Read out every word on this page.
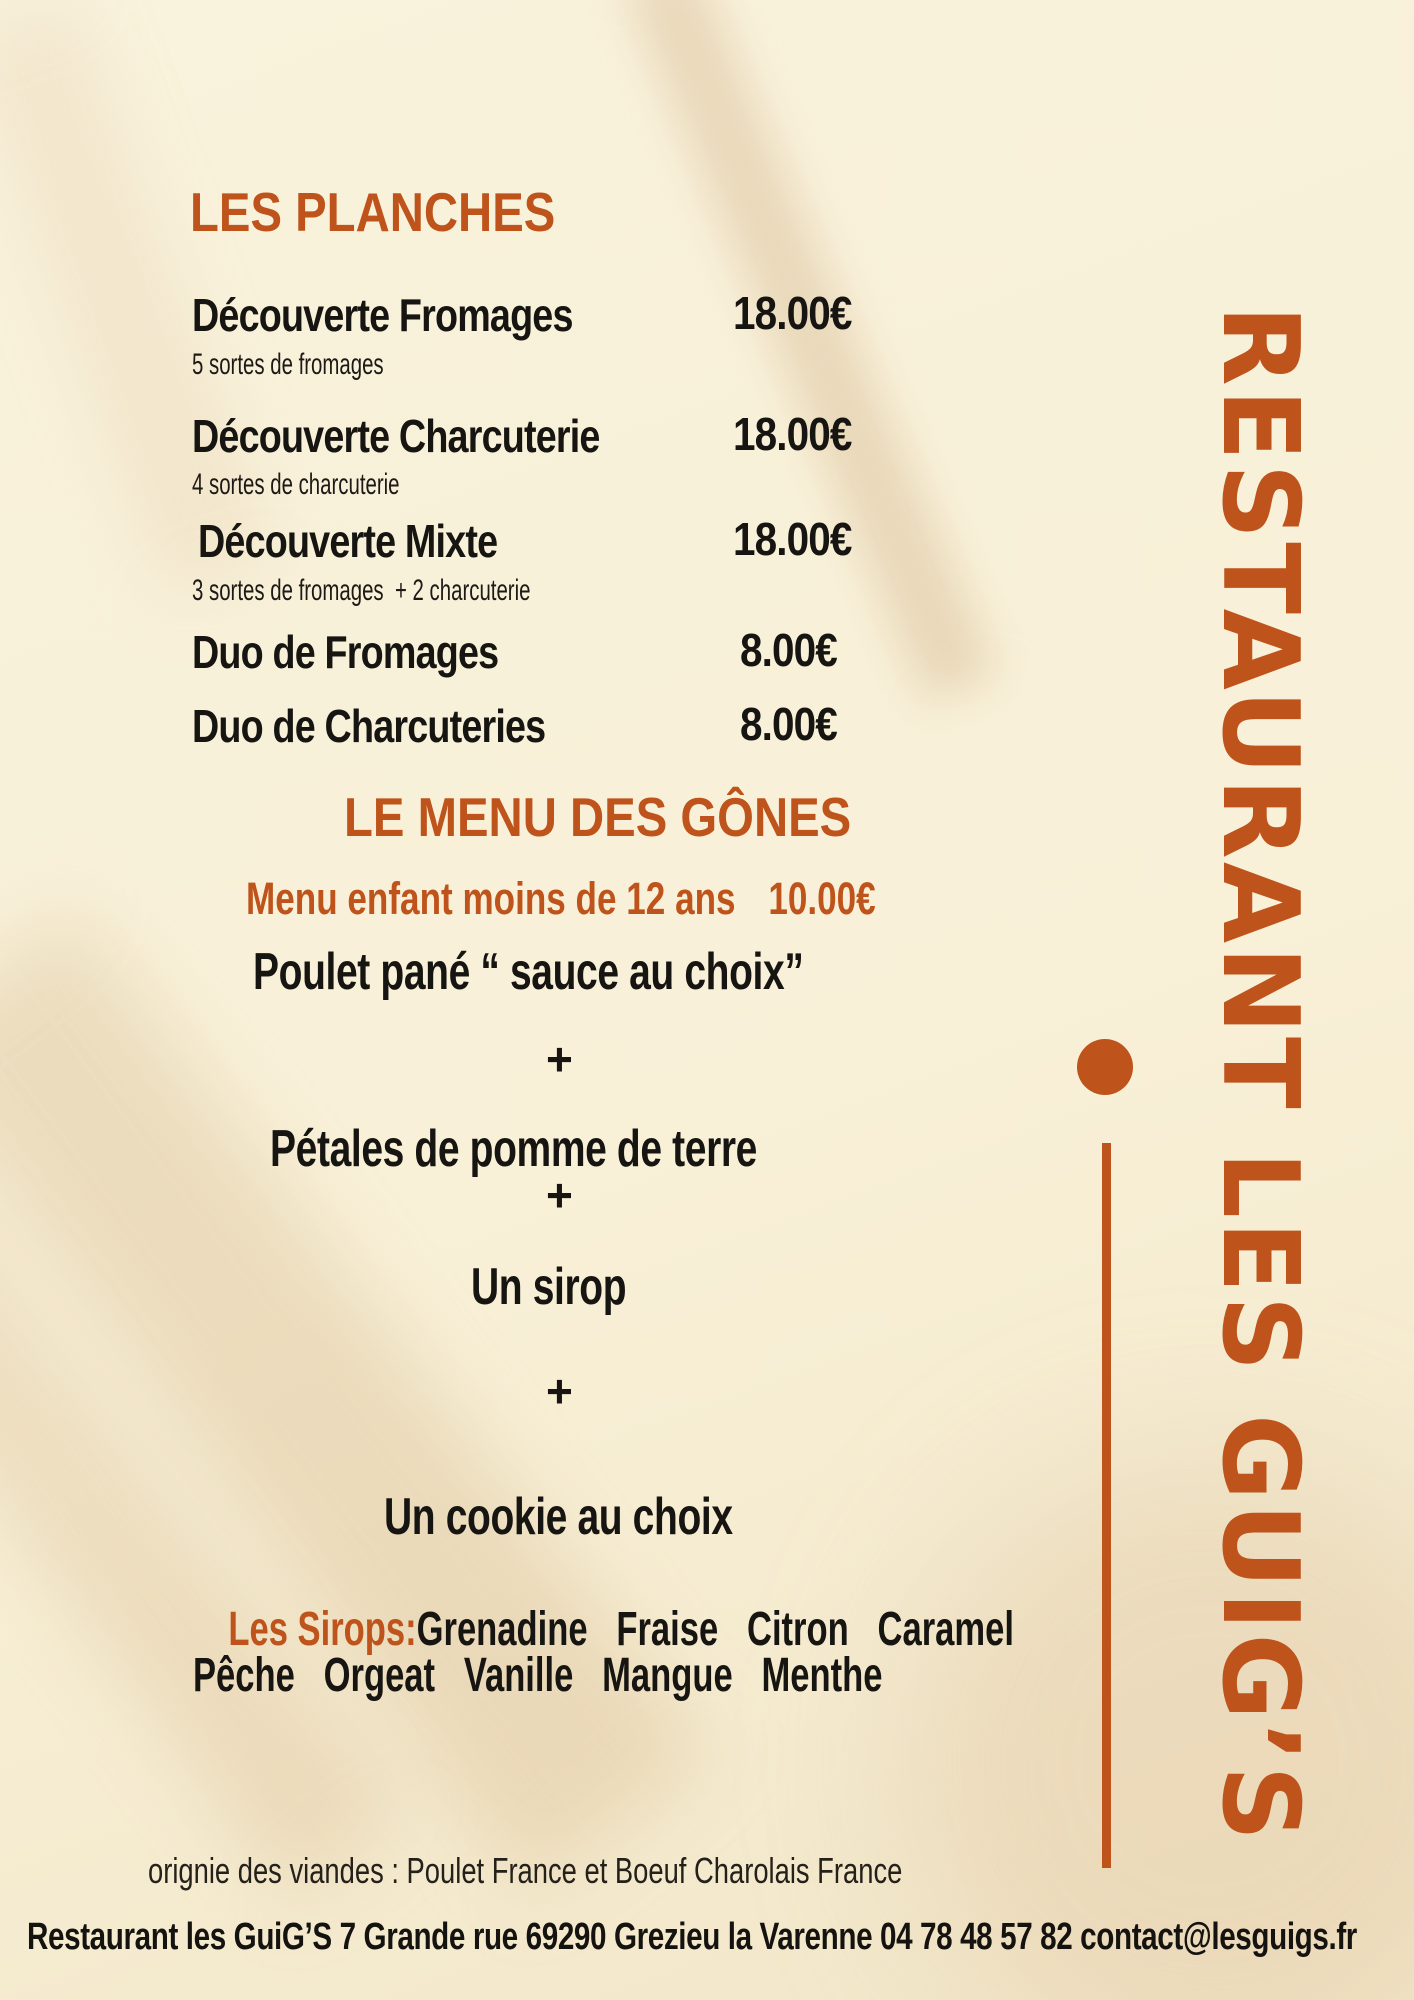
LES PLANCHES
Découverte Fromages	18.00€
5 sortes de fromages
Découverte Charcuterie	18.00€
4 sortes de charcuterie
Découverte Mixte	18.00€
3 sortes de fromages  + 2 charcuterie
Duo de Fromages	8.00€
Duo de Charcuteries	8.00€
LE MENU DES GÔNES
Menu enfant moins de 12 ans 10.00€
Poulet pané “ sauce au choix”
+
Pétales de pomme de terre
+
Un sirop
+
Un cookie au choix

Les Sirops:Grenadine   Fraise   Citron   Caramel

Pêche   Orgeat   Vanille   Mangue   Menthe
orignie des viandes : Poulet France et Boeuf Charolais France
Restaurant les GuiG’S 7 Grande rue 69290 Grezieu la Varenne 04 78 48 57 82 contact@lesguigs.fr
RESTAURANT LES GUIG’S
